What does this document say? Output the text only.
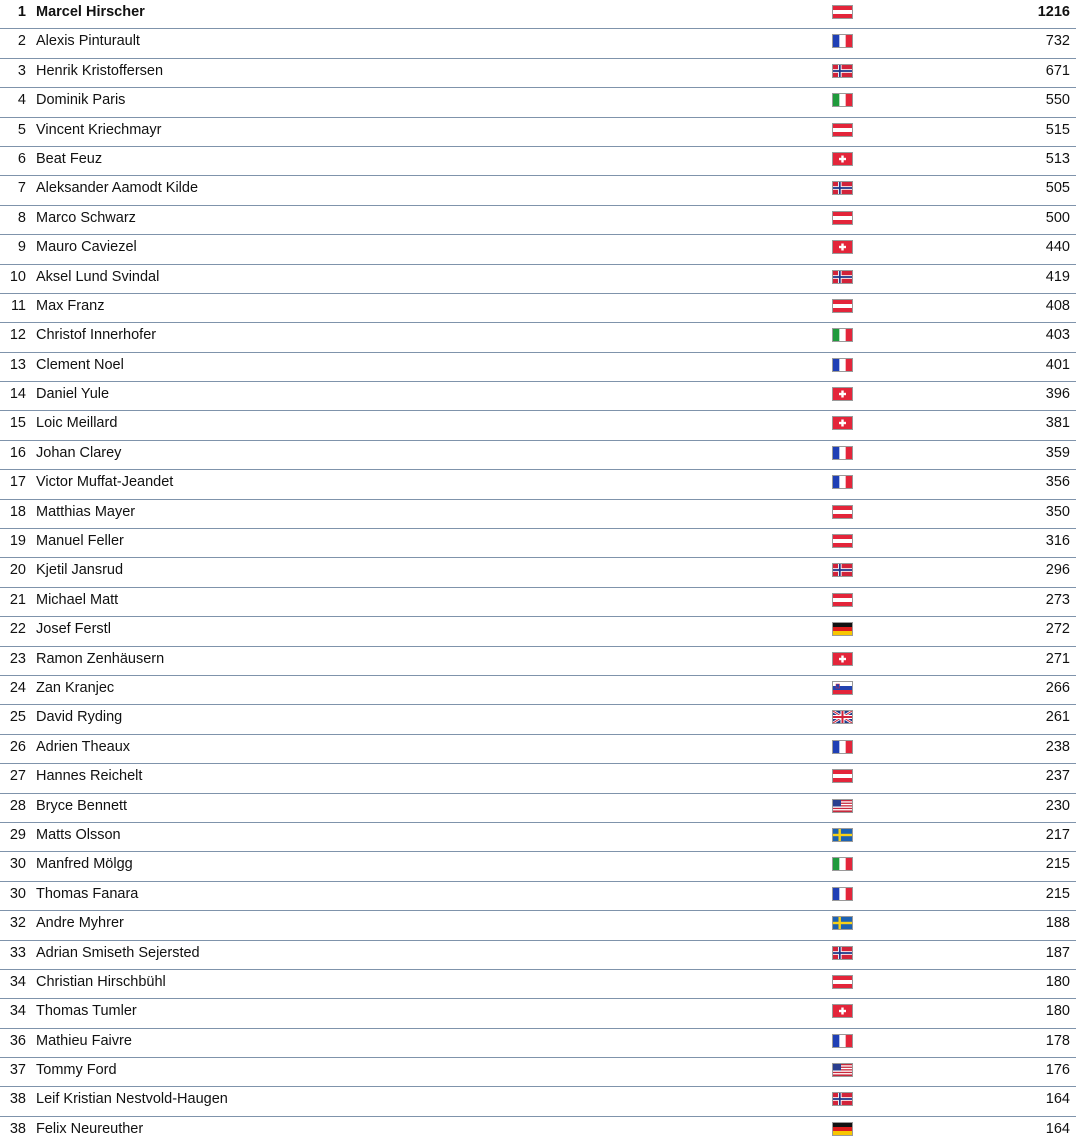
1 Marcel Hirscher	1216
2 Alexis Pinturault	732
3 Henrik Kristoffersen	671
4 Dominik Paris	550
5 Vincent Kriechmayr	515
6 Beat Feuz	513
7 Aleksander Aamodt Kilde	505
8 Marco Schwarz	500
9 Mauro Caviezel	440
10 Aksel Lund Svindal	419
11 Max Franz	408
12 Christof Innerhofer	403
13 Clement Noel	401
14 Daniel Yule	396
15 Loic Meillard	381
16 Johan Clarey	359
17 Victor Muffat-Jeandet	356
18 Matthias Mayer	350
19 Manuel Feller	316
20 Kjetil Jansrud	296
21 Michael Matt	273
22 Josef Ferstl	272
23 Ramon Zenhäusern	271
24 Zan Kranjec	266
25 David Ryding	261
26 Adrien Theaux	238
27 Hannes Reichelt	237
28 Bryce Bennett	230
29 Matts Olsson	217
30 Manfred Mölgg	215
30 Thomas Fanara	215
32 Andre Myhrer	188
33 Adrian Smiseth Sejersted	187
34 Christian Hirschbühl	180
34 Thomas Tumler	180
36 Mathieu Faivre	178
37 Tommy Ford	176
38 Leif Kristian Nestvold-Haugen	164
38 Felix Neureuther	164
